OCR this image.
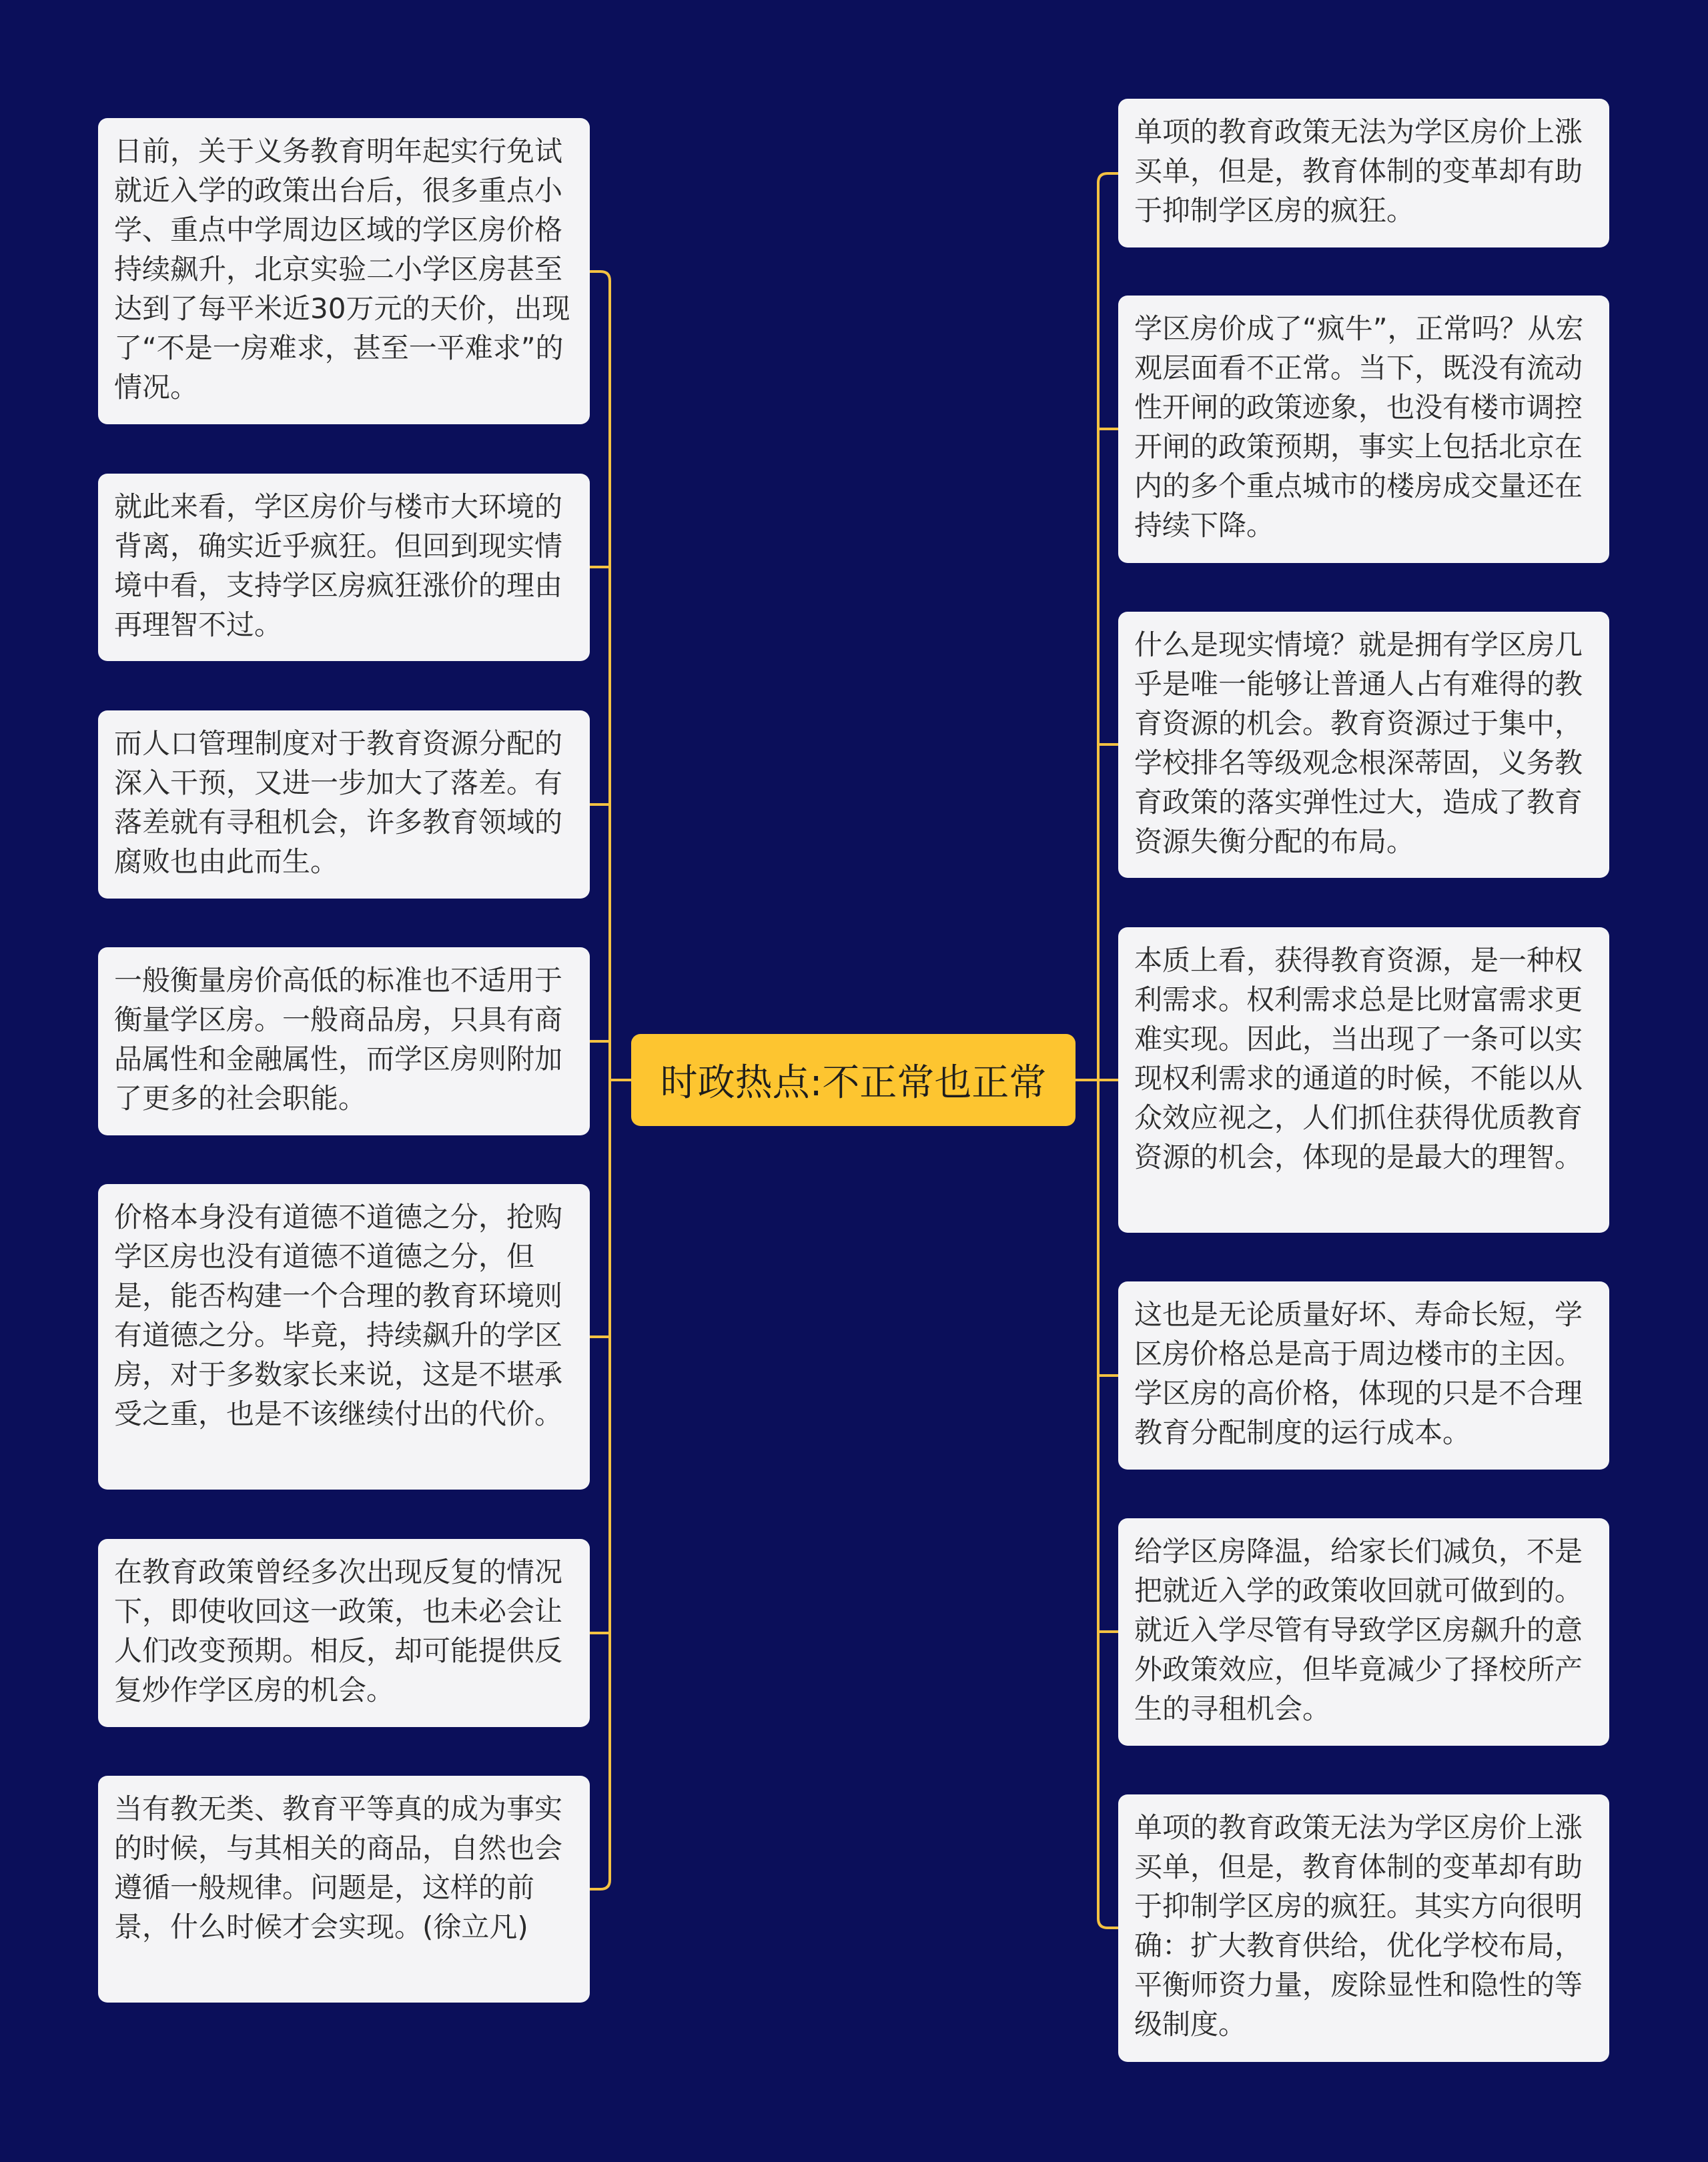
时政热点:不正常也正常
日前，关于义务教育明年起实行免试就近入学的政策出台后，很多重点小学、重点中学周边区域的学区房价格持续飙升，北京实验二小学区房甚至达到了每平米近30万元的天价，出现了“不是一房难求，甚至一平难求”的情况。
就此来看，学区房价与楼市大环境的背离，确实近乎疯狂。但回到现实情境中看，支持学区房疯狂涨价的理由再理智不过。
而人口管理制度对于教育资源分配的深入干预，又进一步加大了落差。有落差就有寻租机会，许多教育领域的腐败也由此而生。
一般衡量房价高低的标准也不适用于衡量学区房。一般商品房，只具有商品属性和金融属性，而学区房则附加了更多的社会职能。
价格本身没有道德不道德之分，抢购学区房也没有道德不道德之分，但是，能否构建一个合理的教育环境则有道德之分。毕竟，持续飙升的学区房，对于多数家长来说，这是不堪承受之重，也是不该继续付出的代价。
在教育政策曾经多次出现反复的情况下，即使收回这一政策，也未必会让人们改变预期。相反，却可能提供反复炒作学区房的机会。
当有教无类、教育平等真的成为事实的时候，与其相关的商品，自然也会遵循一般规律。问题是，这样的前景，什么时候才会实现。(徐立凡)
单项的教育政策无法为学区房价上涨买单，但是，教育体制的变革却有助于抑制学区房的疯狂。
学区房价成了“疯牛”，正常吗？从宏观层面看不正常。当下，既没有流动性开闸的政策迹象，也没有楼市调控开闸的政策预期，事实上包括北京在内的多个重点城市的楼房成交量还在持续下降。
什么是现实情境？就是拥有学区房几乎是唯一能够让普通人占有难得的教育资源的机会。教育资源过于集中，学校排名等级观念根深蒂固，义务教育政策的落实弹性过大，造成了教育资源失衡分配的布局。
本质上看，获得教育资源，是一种权利需求。权利需求总是比财富需求更难实现。因此，当出现了一条可以实现权利需求的通道的时候，不能以从众效应视之，人们抓住获得优质教育资源的机会，体现的是最大的理智。
这也是无论质量好坏、寿命长短，学区房价格总是高于周边楼市的主因。学区房的高价格，体现的只是不合理教育分配制度的运行成本。
给学区房降温，给家长们减负，不是把就近入学的政策收回就可做到的。就近入学尽管有导致学区房飙升的意外政策效应，但毕竟减少了择校所产生的寻租机会。
单项的教育政策无法为学区房价上涨买单，但是，教育体制的变革却有助于抑制学区房的疯狂。其实方向很明确：扩大教育供给，优化学校布局，平衡师资力量，废除显性和隐性的等级制度。
